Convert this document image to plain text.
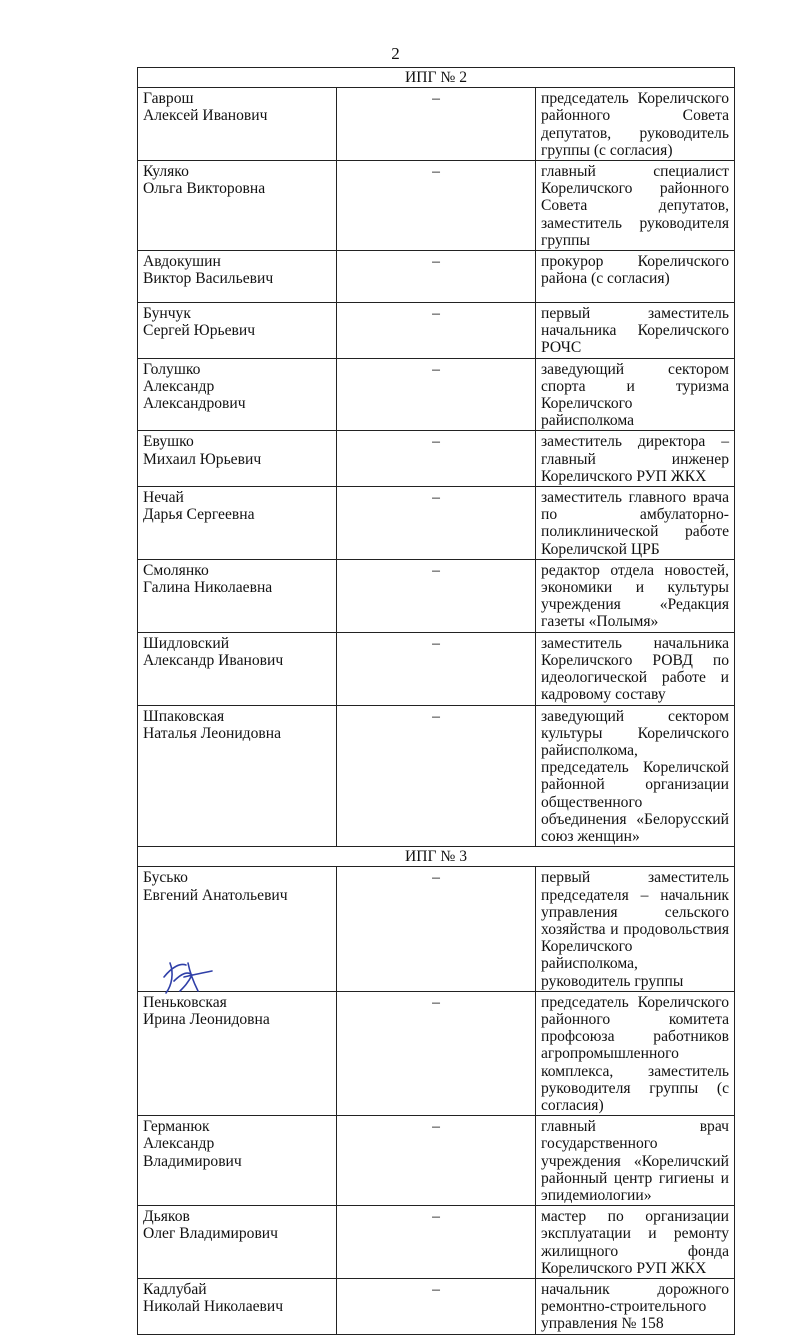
2
ИПГ № 2		

Гаврош
Алексей Иванович	–	председатель Кореличского районного Совета депутатов, руководитель группы (с согласия)

Куляко
Ольга Викторовна	–	главный специалист Кореличского районного Совета депутатов, заместитель руководителя группы

Авдокушин
Виктор Васильевич	–	прокурор Кореличского района (с согласия)

Бунчук
Сергей Юрьевич	–	первый заместитель начальника Кореличского РОЧС

Голушко
Александр
Александрович	–	заведующий сектором спорта и туризма Кореличского райисполкома

Евушко
Михаил Юрьевич	–	заместитель директора – главный инженер Кореличского РУП ЖКХ

Нечай
Дарья Сергеевна	–	заместитель главного врача по амбулаторно-поликлинической работе Кореличской ЦРБ

Смолянко
Галина Николаевна	–	редактор отдела новостей, экономики и культуры учреждения «Редакция газеты «Полымя»

Шидловский
Александр Иванович	–	заместитель начальника Кореличского РОВД по идеологической работе и кадровому составу

Шпаковская
Наталья Леонидовна	–	заведующий сектором культуры Кореличского райисполкома, председатель Кореличской районной организации общественного объединения «Белорусский союз женщин»
ИПГ № 3		

Бусько
Евгений Анатольевич	–	первый заместитель председателя – начальник управления сельского хозяйства и продовольствия Кореличского райисполкома, руководитель группы

Пеньковская
Ирина Леонидовна	–	председатель Кореличского районного комитета профсоюза работников агропромышленного комплекса, заместитель руководителя группы (с согласия)

Германюк
Александр
Владимирович	–	главный врач государственного учреждения «Кореличский районный центр гигиены и эпидемиологии»

Дьяков
Олег Владимирович	–	мастер по организации эксплуатации и ремонту жилищного фонда Кореличского РУП ЖКХ

Кадлубай
Николай Николаевич	–	начальник дорожного ремонтно-строительного управления № 158
